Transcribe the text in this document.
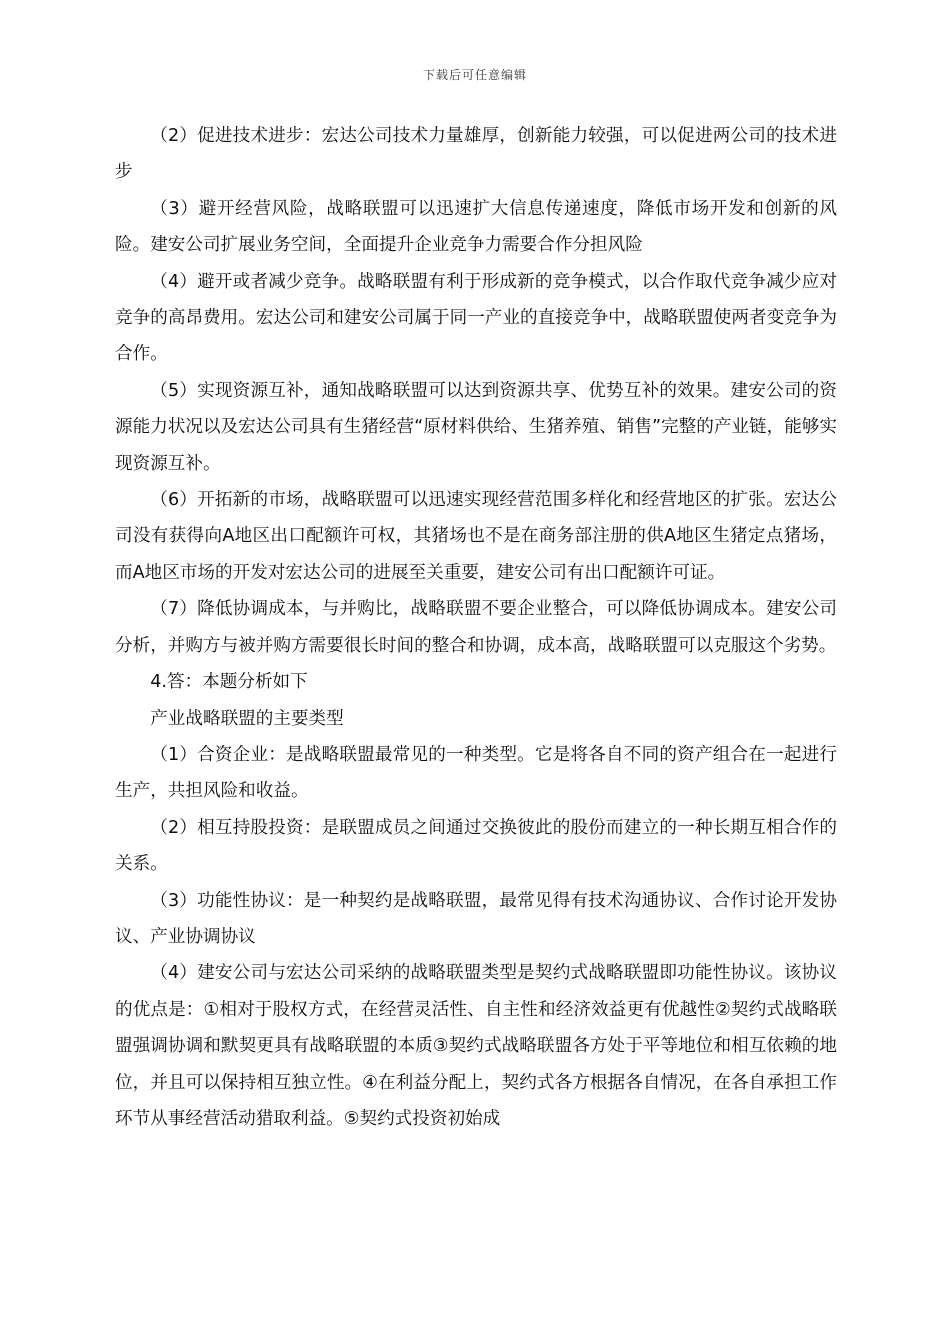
下载后可任意编辑

（2）促进技术进步：宏达公司技术力量雄厚，创新能力较强，可以促进两公司的技术进步

（3）避开经营风险，战略联盟可以迅速扩大信息传递速度，降低市场开发和创新的风险。建安公司扩展业务空间，全面提升企业竞争力需要合作分担风险

（4）避开或者减少竞争。战略联盟有利于形成新的竞争模式，以合作取代竞争减少应对竞争的高昂费用。宏达公司和建安公司属于同一产业的直接竞争中，战略联盟使两者变竞争为合作。

（5）实现资源互补，通知战略联盟可以达到资源共享、优势互补的效果。建安公司的资源能力状况以及宏达公司具有生猪经营“原材料供给、生猪养殖、销售”完整的产业链，能够实现资源互补。

（6）开拓新的市场，战略联盟可以迅速实现经营范围多样化和经营地区的扩张。宏达公司没有获得向A地区出口配额许可权，其猪场也不是在商务部注册的供A地区生猪定点猪场，而A地区市场的开发对宏达公司的进展至关重要，建安公司有出口配额许可证。

（7）降低协调成本，与并购比，战略联盟不要企业整合，可以降低协调成本。建安公司分析，并购方与被并购方需要很长时间的整合和协调，成本高，战略联盟可以克服这个劣势。

4.答：本题分析如下

产业战略联盟的主要类型

（1）合资企业：是战略联盟最常见的一种类型。它是将各自不同的资产组合在一起进行生产，共担风险和收益。

（2）相互持股投资：是联盟成员之间通过交换彼此的股份而建立的一种长期互相合作的关系。

（3）功能性协议：是一种契约是战略联盟，最常见得有技术沟通协议、合作讨论开发协议、产业协调协议

（4）建安公司与宏达公司采纳的战略联盟类型是契约式战略联盟即功能性协议。该协议的优点是：①相对于股权方式，在经营灵活性、自主性和经济效益更有优越性②契约式战略联盟强调协调和默契更具有战略联盟的本质③契约式战略联盟各方处于平等地位和相互依赖的地位，并且可以保持相互独立性。④在利益分配上，契约式各方根据各自情况，在各自承担工作环节从事经营活动猎取利益。⑤契约式投资初始成
